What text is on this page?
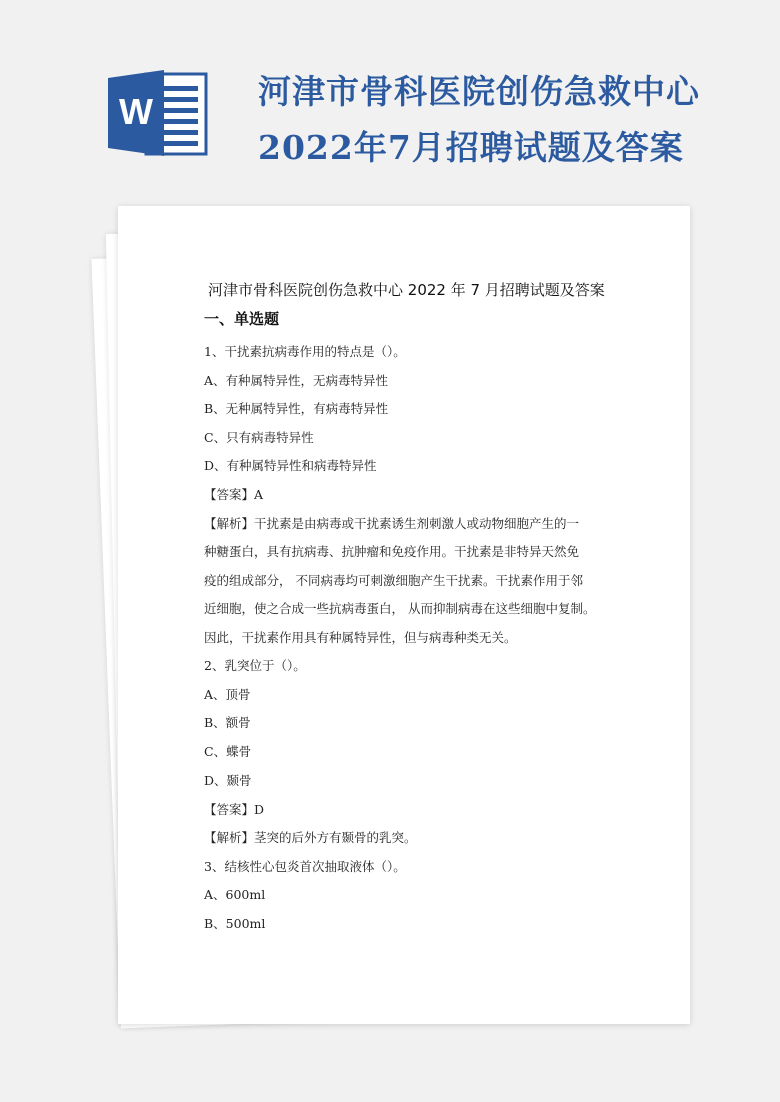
W	河津市骨科医院创伤急救中心
2022年7月招聘试题及答案
河津市骨科医院创伤急救中心 2022 年 7 月招聘试题及答案
一、单选题
1、干扰素抗病毒作用的特点是（）。
A、有种属特异性，无病毒特异性
B、无种属特异性，有病毒特异性
C、只有病毒特异性
D、有种属特异性和病毒特异性
【答案】A
【解析】干扰素是由病毒或干扰素诱生剂刺激人或动物细胞产生的一
种糖蛋白，具有抗病毒、抗肿瘤和免疫作用。干扰素是非特异天然免
疫的组成部分， 不同病毒均可刺激细胞产生干扰素。干扰素作用于邻
近细胞，使之合成一些抗病毒蛋白， 从而抑制病毒在这些细胞中复制。
因此，干扰素作用具有种属特异性，但与病毒种类无关。
2、乳突位于（）。
A、顶骨
B、额骨
C、蝶骨
D、颞骨
【答案】D
【解析】茎突的后外方有颞骨的乳突。
3、结核性心包炎首次抽取液体（）。
A、600ml
B、500ml
